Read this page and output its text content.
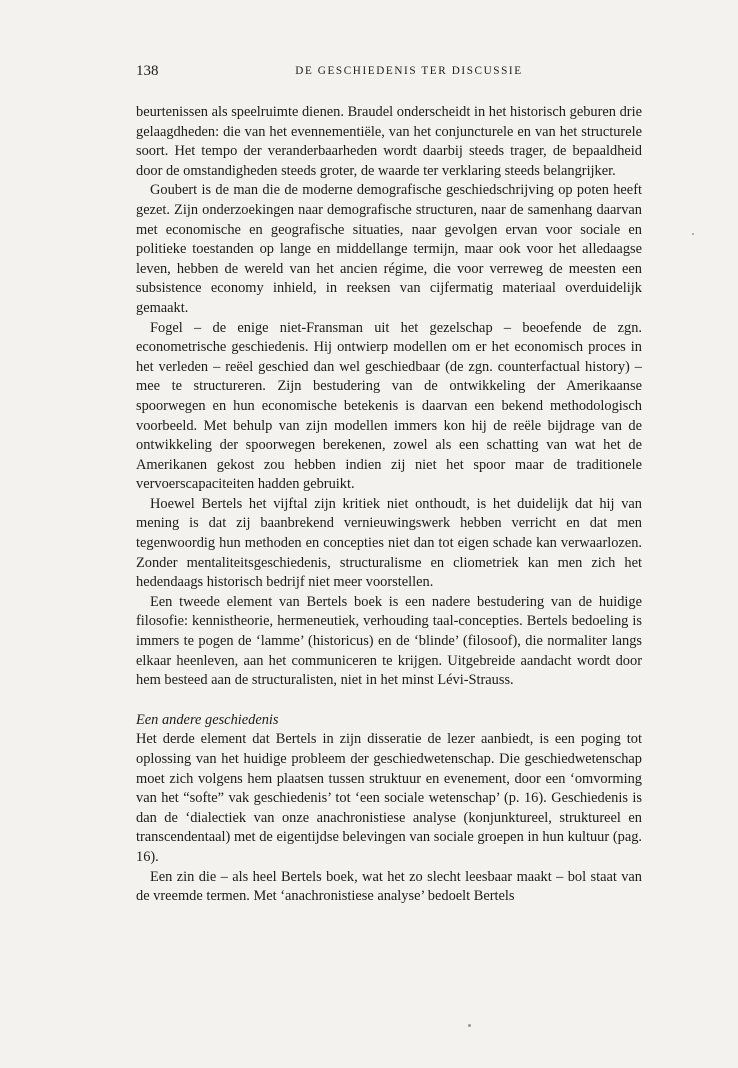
138	DE GESCHIEDENIS TER DISCUSSIE

beurtenissen als speelruimte dienen. Braudel onderscheidt in het historisch geburen drie gelaagdheden: die van het evennementiële, van het conjuncturele en van het structurele soort. Het tempo der veranderbaarheden wordt daarbij steeds trager, de bepaaldheid door de omstandigheden steeds groter, de waarde ter verklaring steeds belangrijker.

Goubert is de man die de moderne demografische geschiedschrijving op poten heeft gezet. Zijn onderzoekingen naar demografische structuren, naar de samenhang daarvan met economische en geografische situaties, naar gevolgen ervan voor sociale en politieke toestanden op lange en middellange termijn, maar ook voor het alledaagse leven, hebben de wereld van het ancien régime, die voor verreweg de meesten een subsistence economy inhield, in reeksen van cijfermatig materiaal overduidelijk gemaakt.

Fogel – de enige niet-Fransman uit het gezelschap – beoefende de zgn. econometrische geschiedenis. Hij ontwierp modellen om er het economisch proces in het verleden – reëel geschied dan wel geschiedbaar (de zgn. counterfactual history) – mee te structureren. Zijn bestudering van de ontwikkeling der Amerikaanse spoorwegen en hun economische betekenis is daarvan een bekend methodologisch voorbeeld. Met behulp van zijn modellen immers kon hij de reële bijdrage van de ontwikkeling der spoorwegen berekenen, zowel als een schatting van wat het de Amerikanen gekost zou hebben indien zij niet het spoor maar de traditionele vervoerscapaciteiten hadden gebruikt.

Hoewel Bertels het vijftal zijn kritiek niet onthoudt, is het duidelijk dat hij van mening is dat zij baanbrekend vernieuwingswerk hebben verricht en dat men tegenwoordig hun methoden en concepties niet dan tot eigen schade kan verwaarlozen. Zonder mentaliteitsgeschiedenis, structuralisme en cliometriek kan men zich het hedendaags historisch bedrijf niet meer voorstellen.

Een tweede element van Bertels boek is een nadere bestudering van de huidige filosofie: kennistheorie, hermeneutiek, verhouding taal-concepties. Bertels bedoeling is immers te pogen de ‘lamme’ (historicus) en de ‘blinde’ (filosoof), die normaliter langs elkaar heenleven, aan het communiceren te krijgen. Uitgebreide aandacht wordt door hem besteed aan de structuralisten, niet in het minst Lévi-Strauss.

Een andere geschiedenis

Het derde element dat Bertels in zijn disseratie de lezer aanbiedt, is een poging tot oplossing van het huidige probleem der geschiedwetenschap. Die geschiedwetenschap moet zich volgens hem plaatsen tussen struktuur en evenement, door een ‘omvorming van het “softe” vak geschiedenis’ tot ‘een sociale wetenschap’ (p. 16). Geschiedenis is dan de ‘dialectiek van onze anachronistiese analyse (konjunktureel, struktureel en transcendentaal) met de eigentijdse belevingen van sociale groepen in hun kultuur (pag. 16).

Een zin die – als heel Bertels boek, wat het zo slecht leesbaar maakt – bol staat van de vreemde termen. Met ‘anachronistiese analyse’ bedoelt Bertels
